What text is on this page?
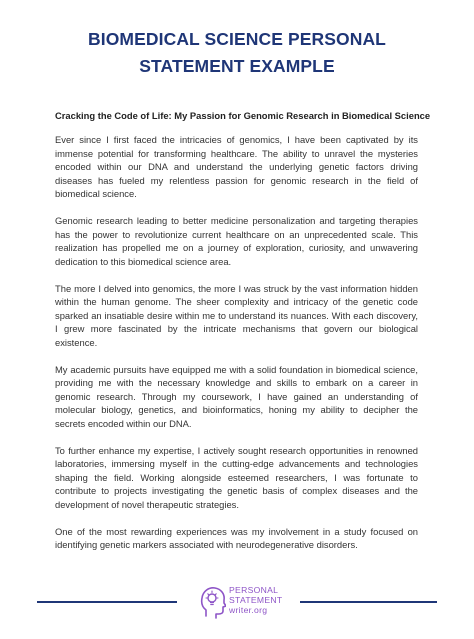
BIOMEDICAL SCIENCE PERSONAL
STATEMENT EXAMPLE
Cracking the Code of Life: My Passion for Genomic Research in Biomedical Science

Ever since I first faced the intricacies of genomics, I have been captivated by its immense potential for transforming healthcare. The ability to unravel the mysteries encoded within our DNA and understand the underlying genetic factors driving diseases has fueled my relentless passion for genomic research in the field of biomedical science.

Genomic research leading to better medicine personalization and targeting therapies has the power to revolutionize current healthcare on an unprecedented scale. This realization has propelled me on a journey of exploration, curiosity, and unwavering dedication to this biomedical science area.

The more I delved into genomics, the more I was struck by the vast information hidden within the human genome. The sheer complexity and intricacy of the genetic code sparked an insatiable desire within me to understand its nuances. With each discovery, I grew more fascinated by the intricate mechanisms that govern our biological existence.

My academic pursuits have equipped me with a solid foundation in biomedical science, providing me with the necessary knowledge and skills to embark on a career in genomic research. Through my coursework, I have gained an understanding of molecular biology, genetics, and bioinformatics, honing my ability to decipher the secrets encoded within our DNA.

To further enhance my expertise, I actively sought research opportunities in renowned laboratories, immersing myself in the cutting-edge advancements and technologies shaping the field. Working alongside esteemed researchers, I was fortunate to contribute to projects investigating the genetic basis of complex diseases and the development of novel therapeutic strategies.

One of the most rewarding experiences was my involvement in a study focused on identifying genetic markers associated with neurodegenerative disorders.

PERSONAL
STATEMENT
writer.org
